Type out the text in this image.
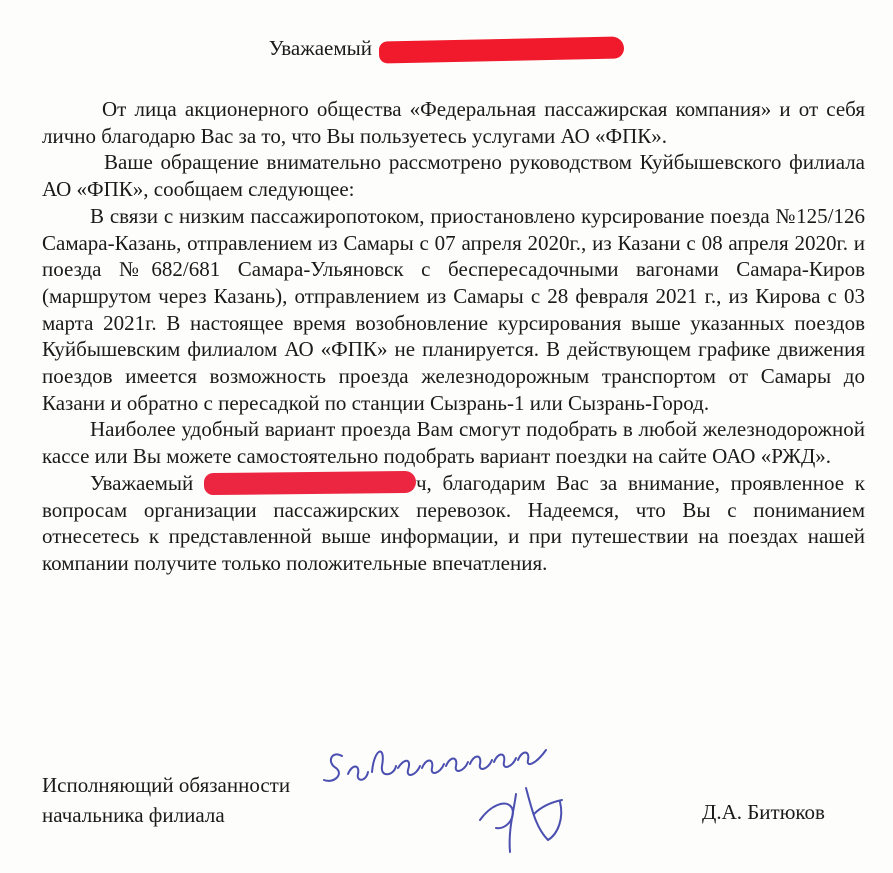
Уважаемый

От лица акционерного общества «Федеральная пассажирская компания» и от себя лично благодарю Вас за то, что Вы пользуетесь услугами АО «ФПК».

Ваше обращение внимательно рассмотрено руководством Куйбышевского филиала АО «ФПК», сообщаем следующее:

В связи с низким пассажиропотоком, приостановлено курсирование поезда №125/126 Самара-Казань, отправлением из Самары с 07 апреля 2020г., из Казани с 08 апреля 2020г. и поезда №682/681 Самара-Ульяновск с беспересадочными вагонами Самара-Киров (маршрутом через Казань), отправлением из Самары с 28 февраля 2021 г., из Кирова с 03 марта 2021г. В настоящее время возобновление курсирования выше указанных поездов Куйбышевским филиалом АО «ФПК» не планируется. В действующем графике движения поездов имеется возможность проезда железнодорожным транспортом от Самары до Казани и обратно с пересадкой по станции Сызрань-1 или Сызрань-Город.

Наиболее удобный вариант проезда Вам смогут подобрать в любой железнодорожной кассе или Вы можете самостоятельно подобрать вариант поездки на сайте ОАО «РЖД».

Уважаемый	ч, благодарим Вас за внимание, проявленное к вопросам организации пассажирских перевозок. Надеемся, что Вы с пониманием отнесетесь к представленной выше информации, и при путешествии на поездах нашей компании получите только положительные впечатления.

Исполняющий обязанности
начальника филиала	Д.А. Битюков
